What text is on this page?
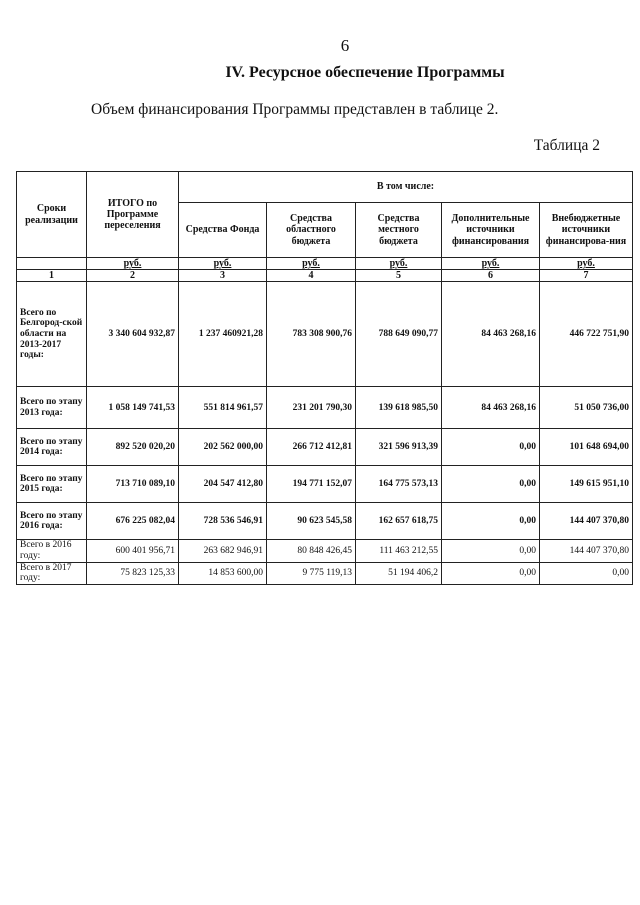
6
IV. Ресурсное обеспечение Программы
Объем финансирования Программы представлен в таблице 2.
Таблица 2
Сроки реализации	ИТОГО по Программе переселения	В том числе:				
		Средства Фонда	Средства областного бюджета	Средства местного бюджета	Дополнительные источники финансирования	Внебюджетные источники финансирова-ния
	руб.	руб.	руб.	руб.	руб.	руб.
1	2	3	4	5	6	7
Всего по Белгород-ской области на 2013-2017 годы:	3 340 604 932,87	1 237 460921,28	783 308 900,76	788 649 090,77	84 463 268,16	446 722 751,90
Всего по этапу 2013 года:	1 058 149 741,53	551 814 961,57	231 201 790,30	139 618 985,50	84 463 268,16	51 050 736,00
Всего по этапу 2014 года:	892 520 020,20	202 562 000,00	266 712 412,81	321 596 913,39	0,00	101 648 694,00
Всего по этапу 2015 года:	713 710 089,10	204 547 412,80	194 771 152,07	164 775 573,13	0,00	149 615 951,10
Всего по этапу 2016 года:	676 225 082,04	728 536 546,91	90 623 545,58	162 657 618,75	0,00	144 407 370,80
Всего в 2016 году:	600 401 956,71	263 682 946,91	80 848 426,45	111 463 212,55	0,00	144 407 370,80
Всего в 2017 году:	75 823 125,33	14 853 600,00	9 775 119,13	51 194 406,2	0,00	0,00
